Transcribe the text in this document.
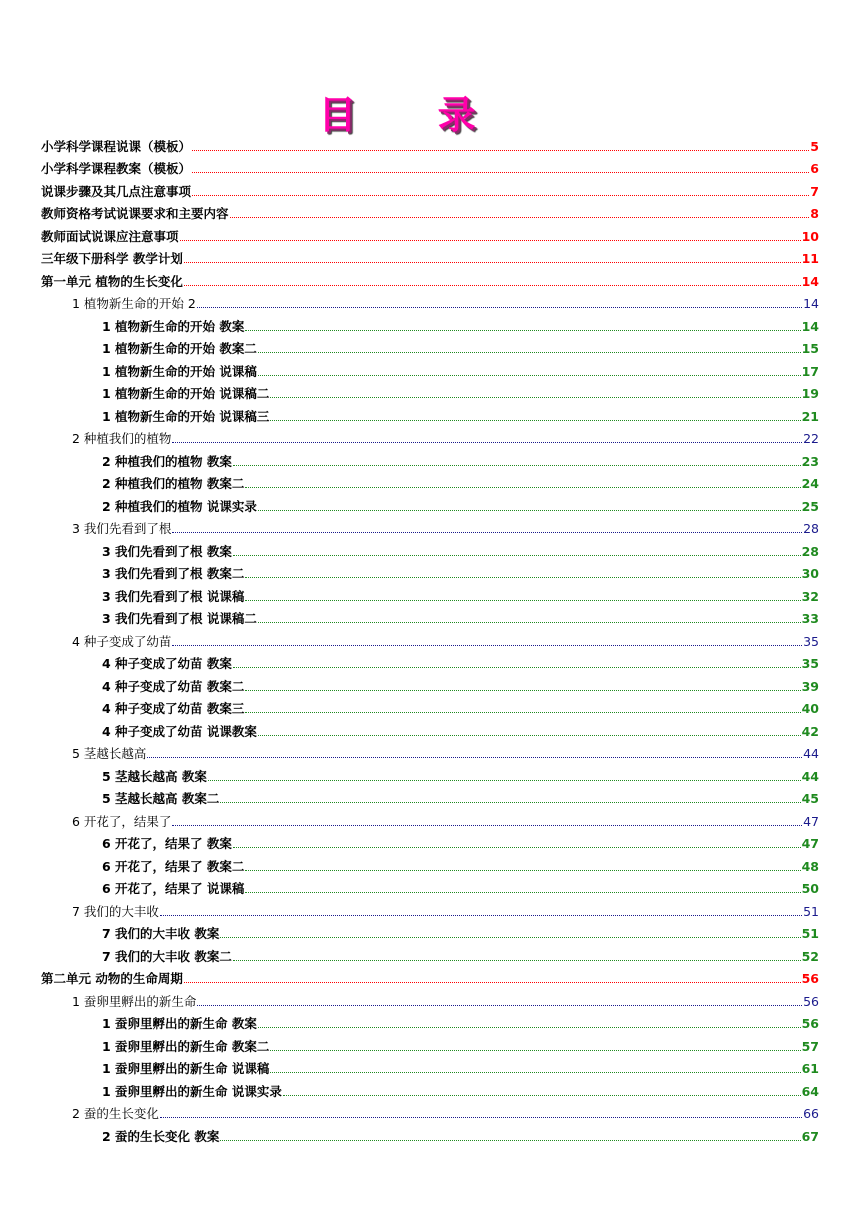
目 录
小学科学课程说课（模板）	5
小学科学课程教案（模板）	6
说课步骤及其几点注意事项	7
教师资格考试说课要求和主要内容	8
教师面试说课应注意事项	10
三年级下册科学 教学计划	11
第一单元 植物的生长变化	14
1 植物新生命的开始 2	14
1 植物新生命的开始 教案	14
1 植物新生命的开始 教案二	15
1 植物新生命的开始 说课稿	17
1 植物新生命的开始 说课稿二	19
1 植物新生命的开始 说课稿三	21
2 种植我们的植物	22
2 种植我们的植物 教案	23
2 种植我们的植物 教案二	24
2 种植我们的植物 说课实录	25
3 我们先看到了根	28
3 我们先看到了根 教案	28
3 我们先看到了根 教案二	30
3 我们先看到了根 说课稿	32
3 我们先看到了根 说课稿二	33
4 种子变成了幼苗	35
4 种子变成了幼苗 教案	35
4 种子变成了幼苗 教案二	39
4 种子变成了幼苗 教案三	40
4 种子变成了幼苗 说课教案	42
5 茎越长越高	44
5 茎越长越高 教案	44
5 茎越长越高 教案二	45
6 开花了，结果了	47
6 开花了，结果了 教案	47
6 开花了，结果了 教案二	48
6 开花了，结果了 说课稿	50
7 我们的大丰收	51
7 我们的大丰收 教案	51
7 我们的大丰收 教案二	52
第二单元 动物的生命周期	56
1 蚕卵里孵出的新生命	56
1 蚕卵里孵出的新生命 教案	56
1 蚕卵里孵出的新生命 教案二	57
1 蚕卵里孵出的新生命 说课稿	61
1 蚕卵里孵出的新生命 说课实录	64
2 蚕的生长变化	66
2 蚕的生长变化 教案	67
